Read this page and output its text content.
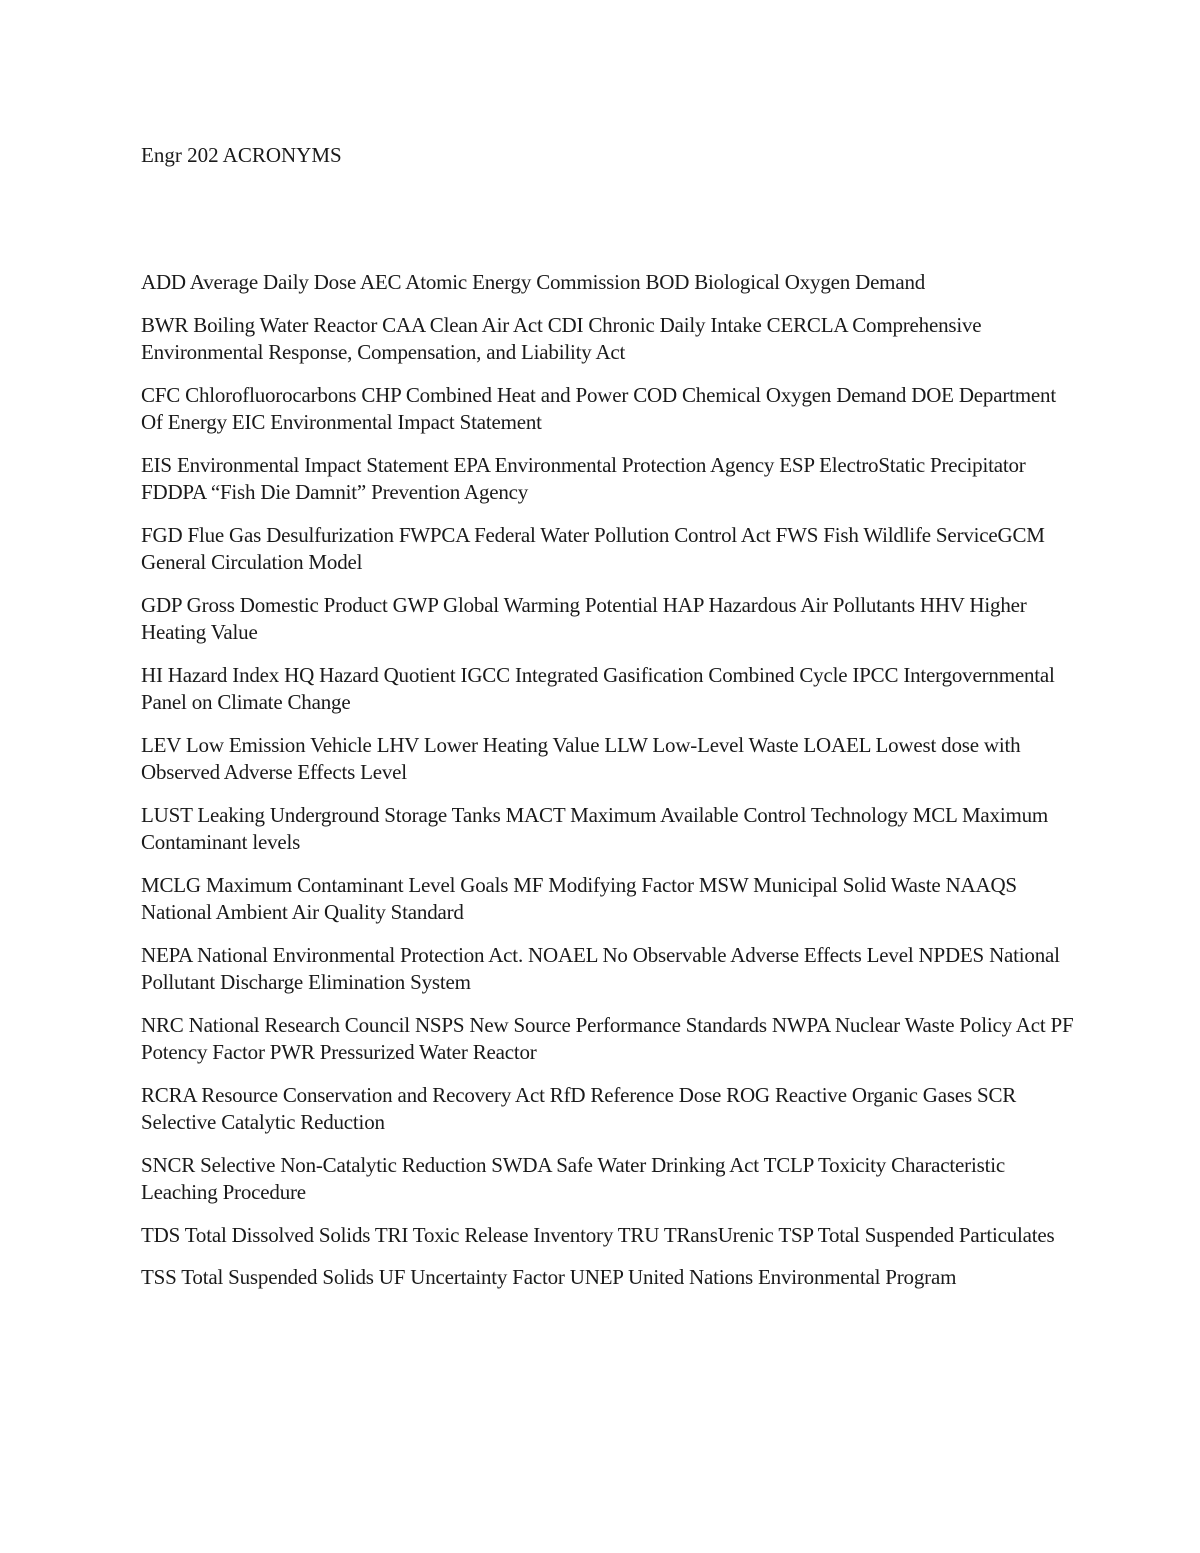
Engr 202 ACRONYMS

ADD Average Daily Dose AEC Atomic Energy Commission BOD Biological Oxygen Demand

BWR Boiling Water Reactor CAA Clean Air Act CDI Chronic Daily Intake CERCLA Comprehensive Environmental Response, Compensation, and Liability Act

CFC Chlorofluorocarbons CHP Combined Heat and Power COD Chemical Oxygen Demand DOE Department Of Energy EIC Environmental Impact Statement

EIS Environmental Impact Statement EPA Environmental Protection Agency ESP ElectroStatic Precipitator FDDPA “Fish Die Damnit” Prevention Agency

FGD Flue Gas Desulfurization FWPCA Federal Water Pollution Control Act FWS Fish Wildlife ServiceGCM General Circulation Model

GDP Gross Domestic Product GWP Global Warming Potential HAP Hazardous Air Pollutants HHV Higher Heating Value

HI Hazard Index HQ Hazard Quotient IGCC Integrated Gasification Combined Cycle IPCC Intergovernmental Panel on Climate Change

LEV Low Emission Vehicle LHV Lower Heating Value LLW Low-Level Waste LOAEL Lowest dose with Observed Adverse Effects Level

LUST Leaking Underground Storage Tanks MACT Maximum Available Control Technology MCL Maximum Contaminant levels

MCLG Maximum Contaminant Level Goals MF Modifying Factor MSW Municipal Solid Waste NAAQS National Ambient Air Quality Standard

NEPA National Environmental Protection Act. NOAEL No Observable Adverse Effects Level NPDES National Pollutant Discharge Elimination System

NRC National Research Council NSPS New Source Performance Standards NWPA Nuclear Waste Policy Act PF Potency Factor PWR Pressurized Water Reactor

RCRA Resource Conservation and Recovery Act RfD Reference Dose ROG Reactive Organic Gases SCR Selective Catalytic Reduction

SNCR Selective Non-Catalytic Reduction SWDA Safe Water Drinking Act TCLP Toxicity Characteristic Leaching Procedure

TDS Total Dissolved Solids TRI Toxic Release Inventory TRU TRansUrenic TSP Total Suspended Particulates

TSS Total Suspended Solids UF Uncertainty Factor UNEP United Nations Environmental Program
